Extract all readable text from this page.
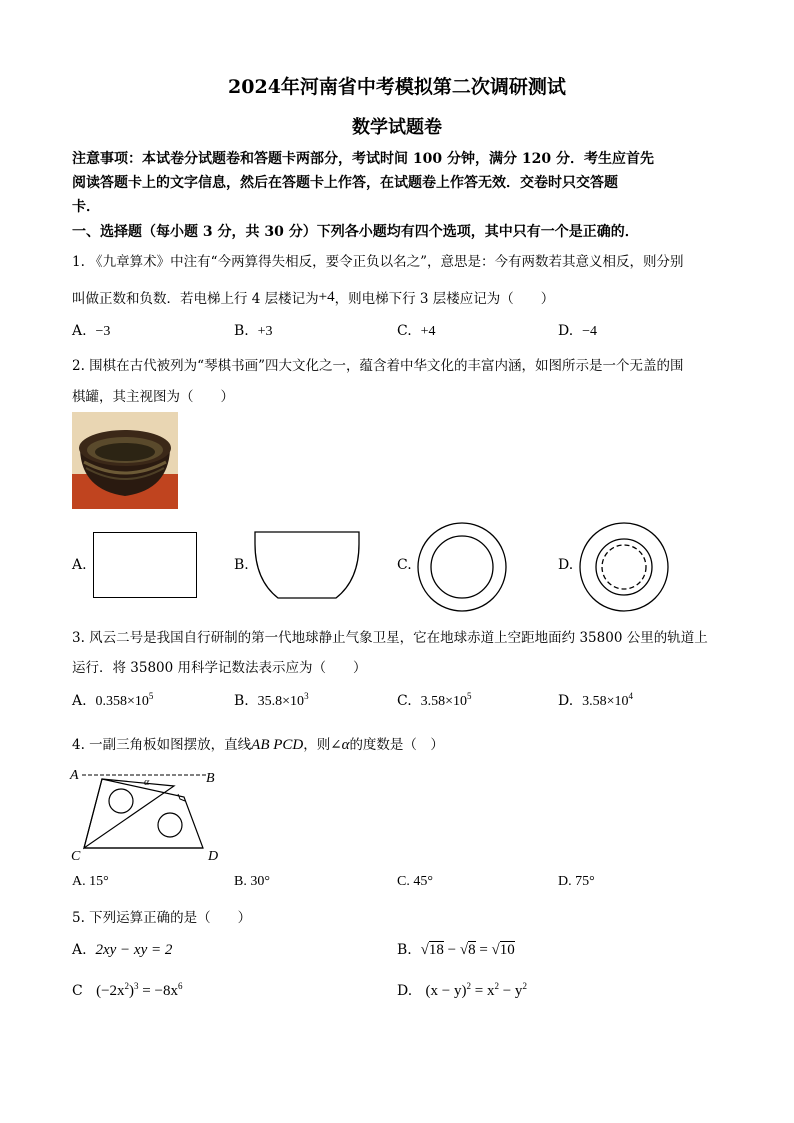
2024年河南省中考模拟第二次调研测试
数学试题卷
注意事项：本试卷分试题卷和答题卡两部分，考试时间 100 分钟，满分 120 分．考生应首先
阅读答题卡上的文字信息，然后在答题卡上作答，在试题卷上作答无效．交卷时只交答题
卡．
一、选择题（每小题 3 分，共 30 分）下列各小题均有四个选项，其中只有一个是正确的．
1. 《九章算术》中注有“今两算得失相反，要令正负以名之”，意思是：今有两数若其意义相反，则分别
叫做正数和负数．若电梯上行 4 层楼记为+4，则电梯下行 3 层楼应记为（　　）
A. −3	B. +3	C. +4	D. −4
2. 围棋在古代被列为“琴棋书画”四大文化之一，蕴含着中华文化的丰富内涵，如图所示是一个无盖的围
棋罐，其主视图为（　　）
A.	B.	C.	D.
3. 风云二号是我国自行研制的第一代地球静止气象卫星，它在地球赤道上空距地面约 35800 公里的轨道上
运行．将 35800 用科学记数法表示应为（　　）
A. $0.358\times 10^5$	B. $35.8\times 10^3$	C. $3.58\times 10^5$	D. $3.58\times 10^4$
4. 一副三角板如图摆放，直线AB PCD，则∠α的度数是（　）
A	B
C	D
α
A. 15°	B. 30°	C. 45°	D. 75°
5. 下列运算正确的是（　　）
A. 2xy − xy = 2	B. √18 − √8 = √10
C $(-2x^2)^3 = -8x^6$	D. $(x - y)^2 = x^2 - y^2$
